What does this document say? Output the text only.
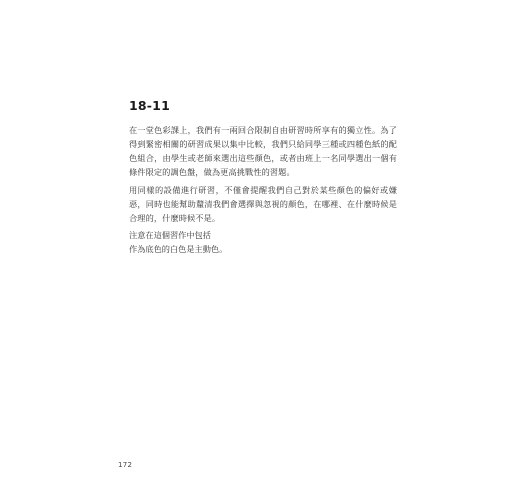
18-11

在一堂色彩課上，我們有一兩回合限制自由研習時所享有的獨立性。為了得到緊密相關的研習成果以集中比較，我們只給同學三種或四種色紙的配色組合，由學生或老師來選出這些顏色，或者由班上一名同學選出一個有條件限定的調色盤，做為更高挑戰性的習題。

用同樣的設備進行研習，不僅會提醒我們自己對於某些顏色的偏好或嫌惡，同時也能幫助釐清我們會選擇與忽視的顏色，在哪裡、在什麼時候是合理的，什麼時候不是。

注意在這個習作中包括
作為底色的白色是主動色。

172
